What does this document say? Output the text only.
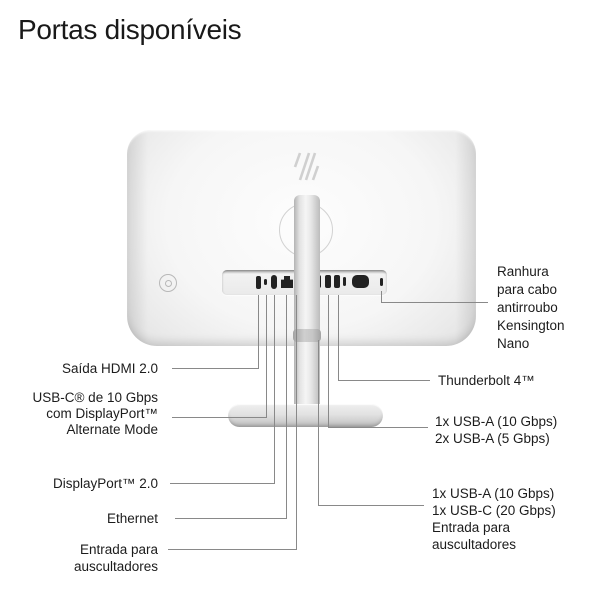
Portas disponíveis
Saída HDMI 2.0
USB-C® de 10 Gbps
com DisplayPort™
Alternate Mode
DisplayPort™ 2.0
Ethernet
Entrada para
auscultadores
Ranhura
para cabo
antirroubo
Kensington
Nano
Thunderbolt 4™
1x USB-A (10 Gbps)
2x USB-A (5 Gbps)
1x USB-A (10 Gbps)
1x USB-C (20 Gbps)
Entrada para
auscultadores
